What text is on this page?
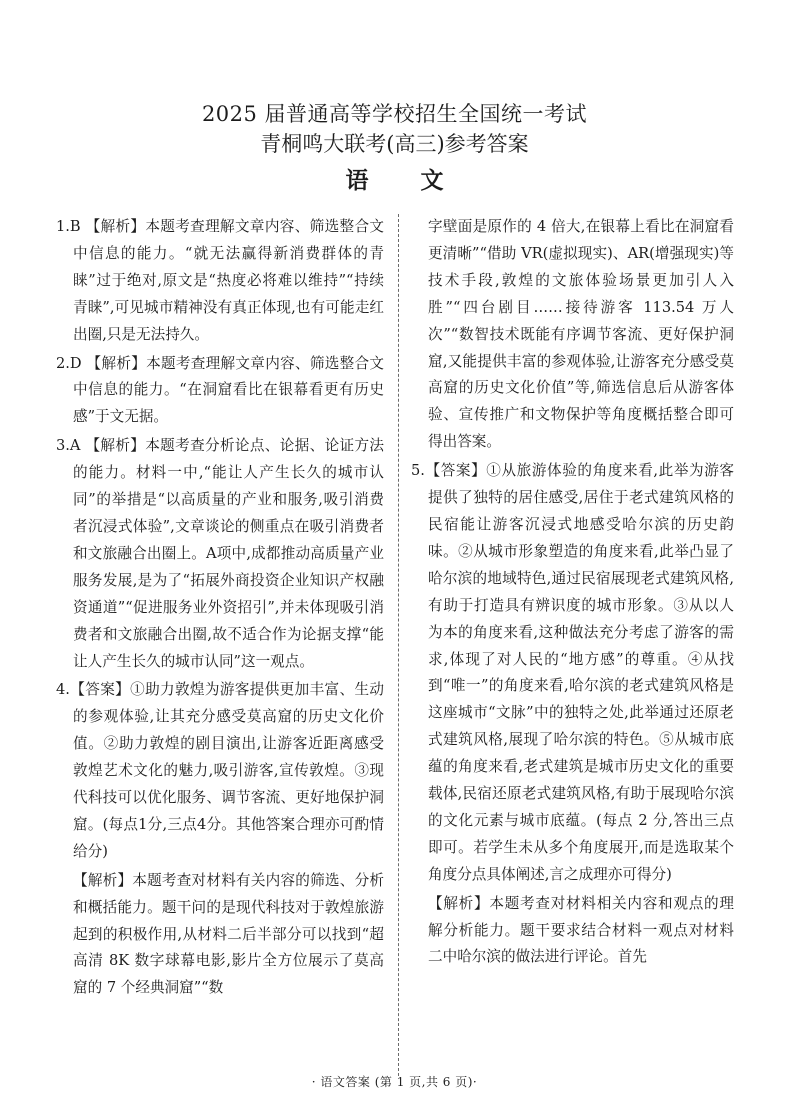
2025 届普通高等学校招生全国统一考试
青桐鸣大联考(高三)参考答案
语 文

1.B 【解析】本题考查理解文章内容、筛选整合文中信息的能力。“就无法赢得新消费群体的青睐”过于绝对,原文是“热度必将难以维持”“持续青睐”,可见城市精神没有真正体现,也有可能走红出圈,只是无法持久。

2.D 【解析】本题考查理解文章内容、筛选整合文中信息的能力。“在洞窟看比在银幕看更有历史感”于文无据。

3.A 【解析】本题考查分析论点、论据、论证方法的能力。材料一中,“能让人产生长久的城市认同”的举措是“以高质量的产业和服务,吸引消费者沉浸式体验”,文章谈论的侧重点在吸引消费者和文旅融合出圈上。A项中,成都推动高质量产业服务发展,是为了“拓展外商投资企业知识产权融资通道”“促进服务业外资招引”,并未体现吸引消费者和文旅融合出圈,故不适合作为论据支撑“能让人产生长久的城市认同”这一观点。

4.【答案】①助力敦煌为游客提供更加丰富、生动的参观体验,让其充分感受莫高窟的历史文化价值。②助力敦煌的剧目演出,让游客近距离感受敦煌艺术文化的魅力,吸引游客,宣传敦煌。③现代科技可以优化服务、调节客流、更好地保护洞窟。(每点1分,三点4分。其他答案合理亦可酌情给分)

【解析】本题考查对材料有关内容的筛选、分析和概括能力。题干问的是现代科技对于敦煌旅游起到的积极作用,从材料二后半部分可以找到“超高清 8K 数字球幕电影,影片全方位展示了莫高窟的 7 个经典洞窟”“数

字壁面是原作的 4 倍大,在银幕上看比在洞窟看更清晰”“借助 VR(虚拟现实)、AR(增强现实)等技术手段,敦煌的文旅体验场景更加引人入胜”“四台剧目……接待游客 113.54 万人次”“数智技术既能有序调节客流、更好保护洞窟,又能提供丰富的参观体验,让游客充分感受莫高窟的历史文化价值”等,筛选信息后从游客体验、宣传推广和文物保护等角度概括整合即可得出答案。

5.【答案】①从旅游体验的角度来看,此举为游客提供了独特的居住感受,居住于老式建筑风格的民宿能让游客沉浸式地感受哈尔滨的历史韵味。②从城市形象塑造的角度来看,此举凸显了哈尔滨的地域特色,通过民宿展现老式建筑风格,有助于打造具有辨识度的城市形象。③从以人为本的角度来看,这种做法充分考虑了游客的需求,体现了对人民的“地方感”的尊重。④从找到“唯一”的角度来看,哈尔滨的老式建筑风格是这座城市“文脉”中的独特之处,此举通过还原老式建筑风格,展现了哈尔滨的特色。⑤从城市底蕴的角度来看,老式建筑是城市历史文化的重要载体,民宿还原老式建筑风格,有助于展现哈尔滨的文化元素与城市底蕴。(每点 2 分,答出三点即可。若学生未从多个角度展开,而是选取某个角度分点具体阐述,言之成理亦可得分)

【解析】本题考查对材料相关内容和观点的理解分析能力。题干要求结合材料一观点对材料二中哈尔滨的做法进行评论。首先

· 语文答案 (第 1 页,共 6 页)·
